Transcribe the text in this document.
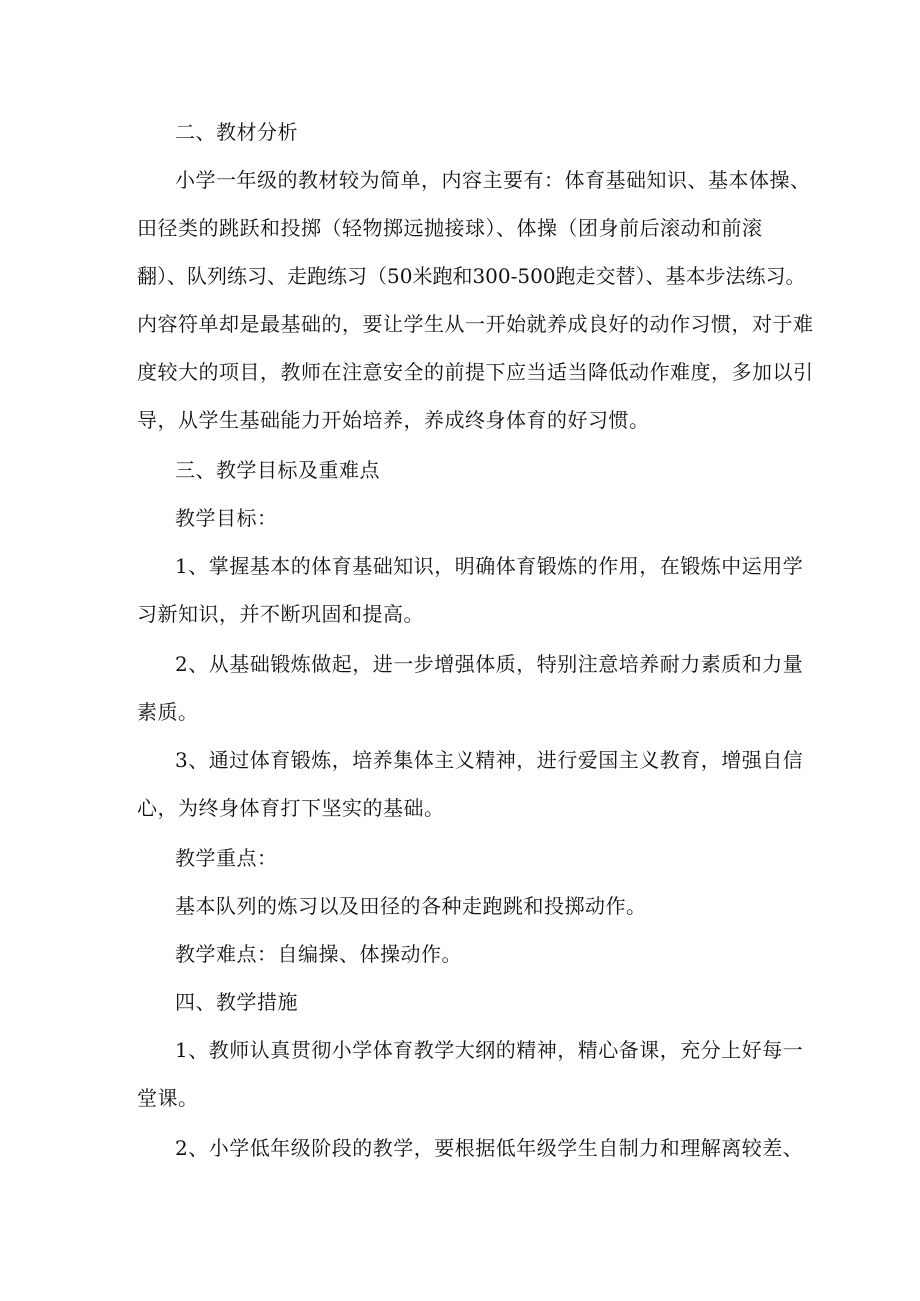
二、教材分析
小学一年级的教材较为简单，内容主要有：体育基础知识、基本体操、
田径类的跳跃和投掷（轻物掷远抛接球）、体操（团身前后滚动和前滚
翻）、队列练习、走跑练习（50米跑和300-500跑走交替）、基本步法练习。
内容符单却是最基础的，要让学生从一开始就养成良好的动作习惯，对于难
度较大的项目，教师在注意安全的前提下应当适当降低动作难度，多加以引
导，从学生基础能力开始培养，养成终身体育的好习惯。
三、教学目标及重难点
教学目标：
1、掌握基本的体育基础知识，明确体育锻炼的作用，在锻炼中运用学
习新知识，并不断巩固和提高。
2、从基础锻炼做起，进一步增强体质，特别注意培养耐力素质和力量
素质。
3、通过体育锻炼，培养集体主义精神，进行爱国主义教育，增强自信
心，为终身体育打下坚实的基础。
教学重点：
基本队列的炼习以及田径的各种走跑跳和投掷动作。
教学难点：自编操、体操动作。
四、教学措施
1、教师认真贯彻小学体育教学大纲的精神，精心备课，充分上好每一
堂课。
2、小学低年级阶段的教学，要根据低年级学生自制力和理解离较差、
